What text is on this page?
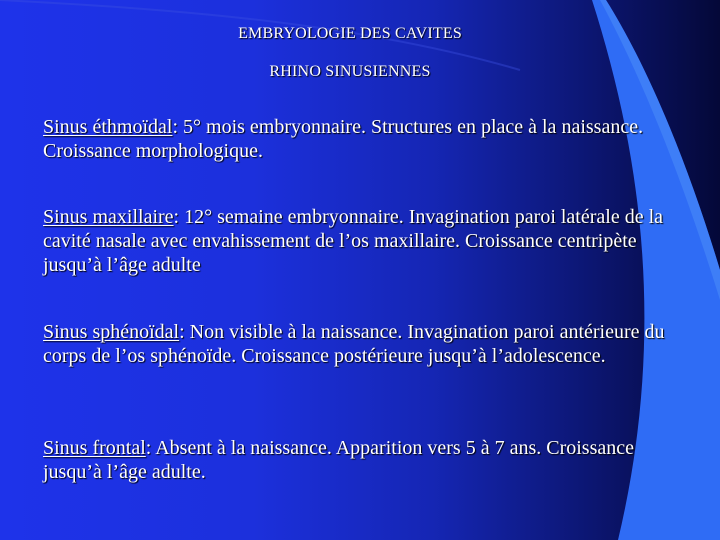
EMBRYOLOGIE DES CAVITES
RHINO SINUSIENNES
Sinus éthmoïdal: 5° mois embryonnaire. Structures en place à la naissance. Croissance morphologique.
Sinus maxillaire: 12° semaine embryonnaire. Invagination paroi latérale de la cavité nasale avec envahissement de l’os maxillaire. Croissance centripète jusqu’à l’âge adulte
Sinus sphénoïdal: Non visible à la naissance. Invagination paroi antérieure du corps de l’os sphénoïde. Croissance postérieure jusqu’à l’adolescence.
Sinus frontal: Absent à la naissance. Apparition vers 5 à 7 ans. Croissance jusqu’à l’âge adulte.
